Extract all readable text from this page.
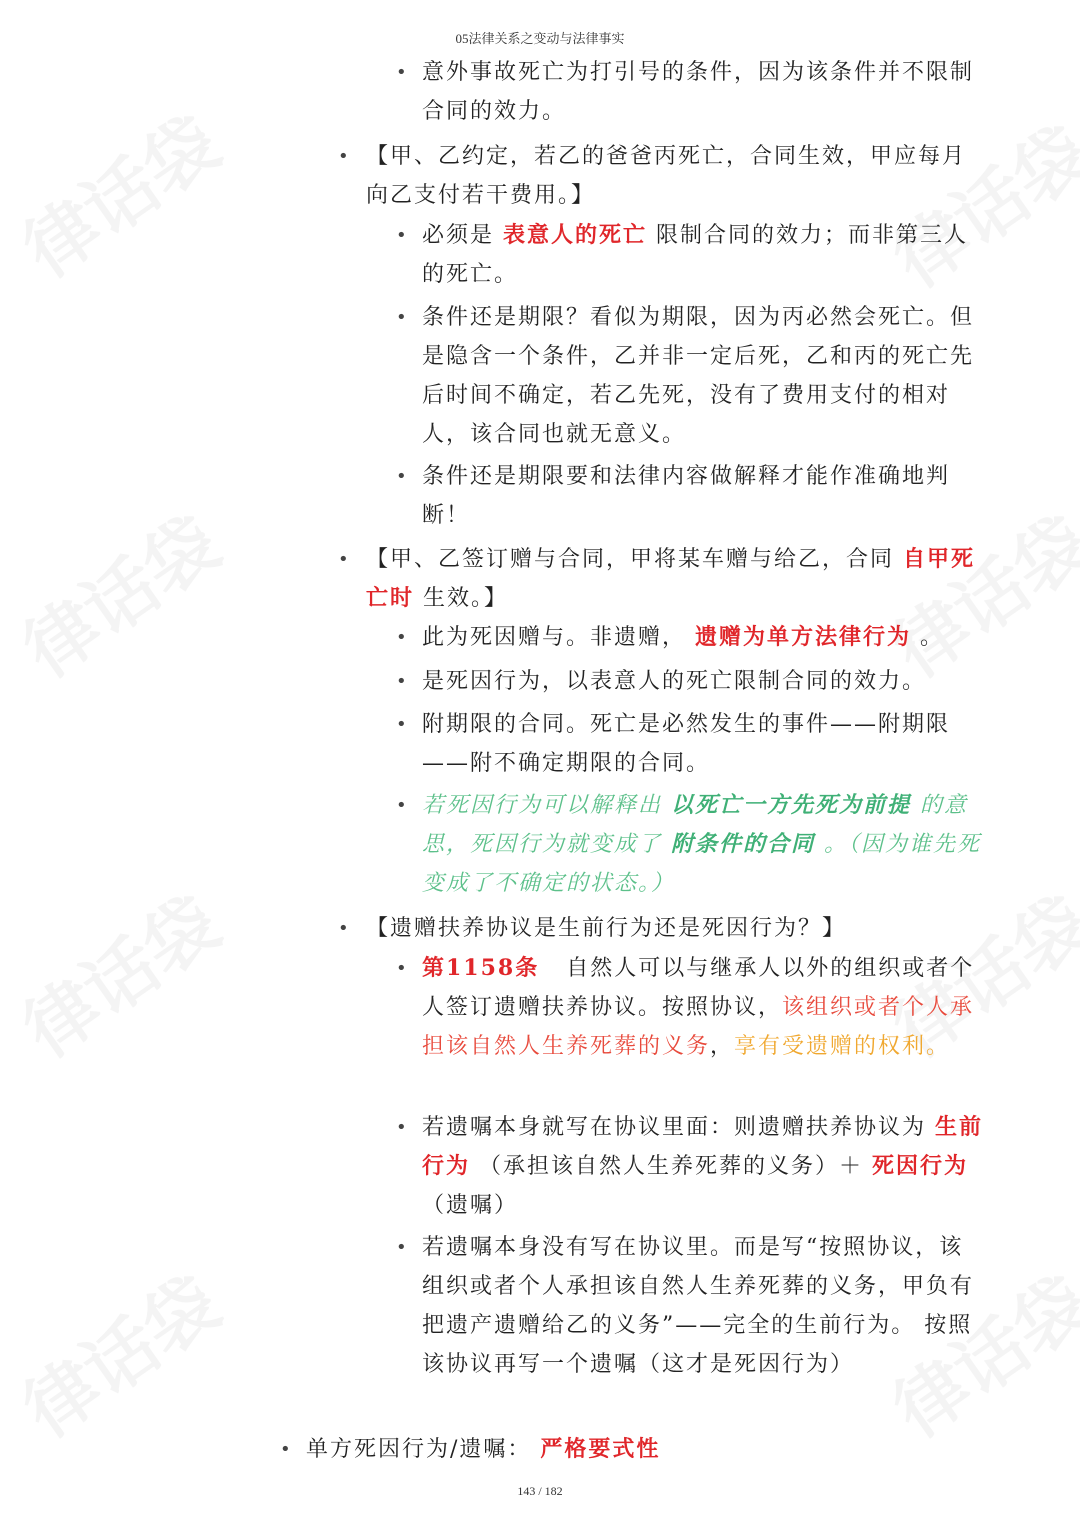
05法律关系之变动与法律事实
• 意外事故死亡为打引号的条件，因为该条件并不限制合同的效力。
• 【甲、乙约定，若乙的爸爸丙死亡，合同生效，甲应每月向乙支付若干费用。】
• 必须是 表意人的死亡 限制合同的效力；而非第三人的死亡。
• 条件还是期限？看似为期限，因为丙必然会死亡。但是隐含一个条件，乙并非一定后死，乙和丙的死亡先后时间不确定，若乙先死，没有了费用支付的相对人，该合同也就无意义。
• 条件还是期限要和法律内容做解释才能作准确地判断！
• 【甲、乙签订赠与合同，甲将某车赠与给乙，合同 自甲死亡时 生效。】
• 此为死因赠与。非遗赠， 遗赠为单方法律行为 。
• 是死因行为，以表意人的死亡限制合同的效力。
• 附期限的合同。死亡是必然发生的事件——附期限——附不确定期限的合同。
• 若死因行为可以解释出 以死亡一方先死为前提 的意思，死因行为就变成了 附条件的合同 。（因为谁先死变成了不确定的状态。）
• 【遗赠扶养协议是生前行为还是死因行为？】
• 第1158条   自然人可以与继承人以外的组织或者个人签订遗赠扶养协议。按照协议，该组织或者个人承担该自然人生养死葬的义务，享有受遗赠的权利。
• 若遗嘱本身就写在协议里面：则遗赠扶养协议为 生前行为 （承担该自然人生养死葬的义务）＋ 死因行为 （遗嘱）
• 若遗嘱本身没有写在协议里。而是写“按照协议，该组织或者个人承担该自然人生养死葬的义务，甲负有把遗产遗赠给乙的义务”——完全的生前行为。 按照该协议再写一个遗嘱（这才是死因行为）
• 单方死因行为/遗嘱： 严格要式性
143 / 182
